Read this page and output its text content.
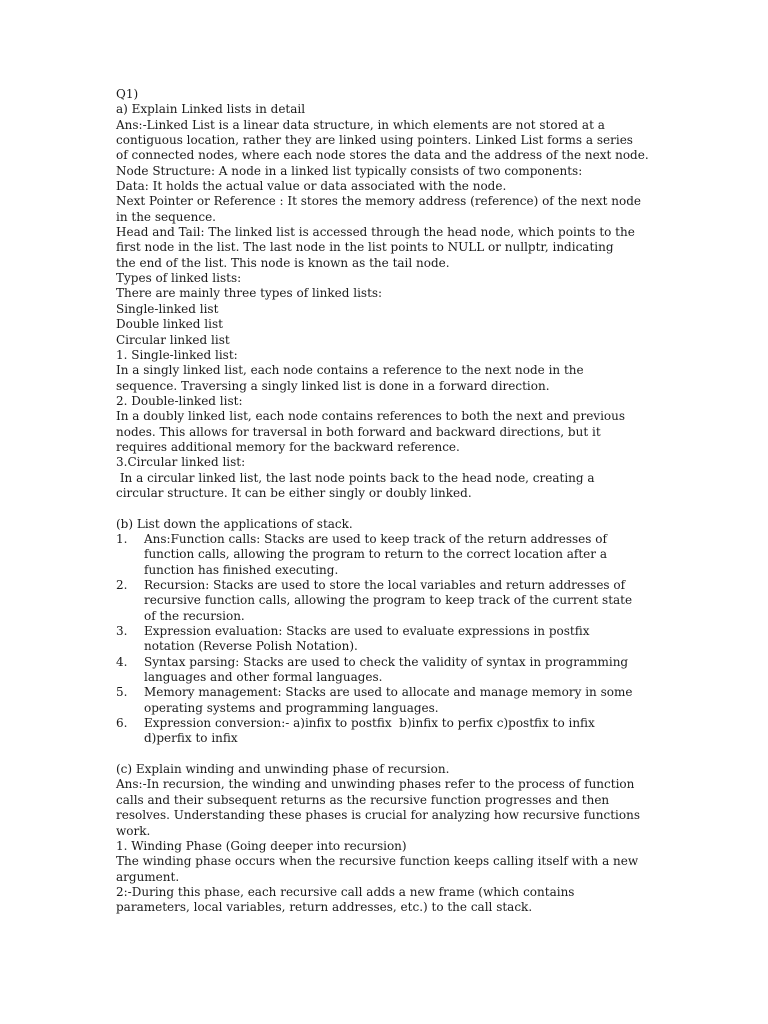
Q1)
a) Explain Linked lists in detail
Ans:-Linked List is a linear data structure, in which elements are not stored at a
contiguous location, rather they are linked using pointers. Linked List forms a series
of connected nodes, where each node stores the data and the address of the next node.
Node Structure: A node in a linked list typically consists of two components:
Data: It holds the actual value or data associated with the node.
Next Pointer or Reference : It stores the memory address (reference) of the next node
in the sequence.
Head and Tail: The linked list is accessed through the head node, which points to the
first node in the list. The last node in the list points to NULL or nullptr, indicating
the end of the list. This node is known as the tail node.
Types of linked lists:
There are mainly three types of linked lists:
Single-linked list
Double linked list
Circular linked list
1. Single-linked list:
In a singly linked list, each node contains a reference to the next node in the
sequence. Traversing a singly linked list is done in a forward direction.
2. Double-linked list:
In a doubly linked list, each node contains references to both the next and previous
nodes. This allows for traversal in both forward and backward directions, but it
requires additional memory for the backward reference.
3.Circular linked list:
In a circular linked list, the last node points back to the head node, creating a
circular structure. It can be either singly or doubly linked.
(b) List down the applications of stack.
1. Ans:Function calls: Stacks are used to keep track of the return addresses of
function calls, allowing the program to return to the correct location after a
function has finished executing.
2. Recursion: Stacks are used to store the local variables and return addresses of
recursive function calls, allowing the program to keep track of the current state
of the recursion.
3. Expression evaluation: Stacks are used to evaluate expressions in postfix
notation (Reverse Polish Notation).
4. Syntax parsing: Stacks are used to check the validity of syntax in programming
languages and other formal languages.
5. Memory management: Stacks are used to allocate and manage memory in some
operating systems and programming languages.
6. Expression conversion:- a)infix to postfix  b)infix to perfix c)postfix to infix
d)perfix to infix
(c) Explain winding and unwinding phase of recursion.
Ans:-In recursion, the winding and unwinding phases refer to the process of function
calls and their subsequent returns as the recursive function progresses and then
resolves. Understanding these phases is crucial for analyzing how recursive functions
work.
1. Winding Phase (Going deeper into recursion)
The winding phase occurs when the recursive function keeps calling itself with a new
argument.
2:-During this phase, each recursive call adds a new frame (which contains
parameters, local variables, return addresses, etc.) to the call stack.
